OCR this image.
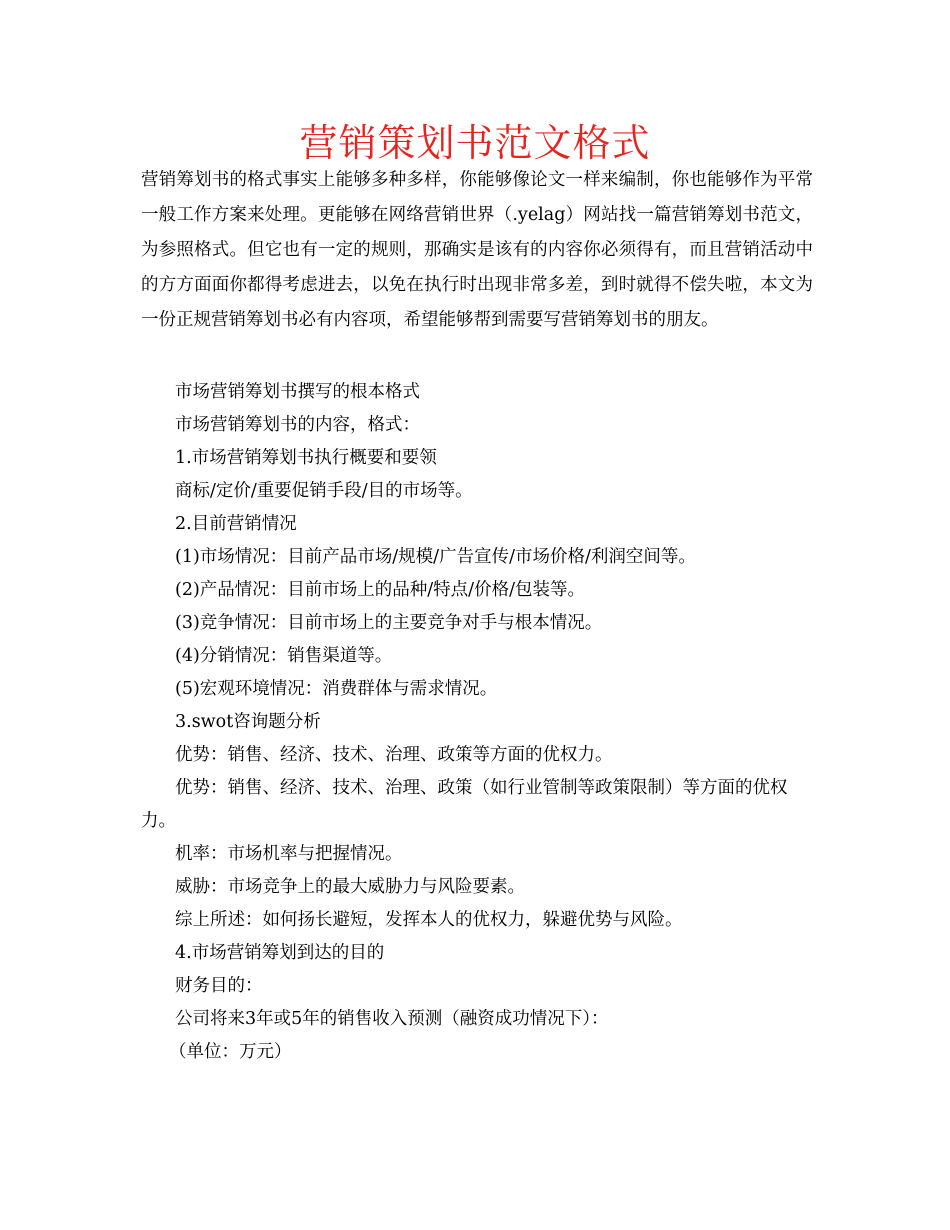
营销策划书范文格式
营销筹划书的格式事实上能够多种多样，你能够像论文一样来编制，你也能够作为平常一般工作方案来处理。更能够在网络营销世界（.yelag）网站找一篇营销筹划书范文，为参照格式。但它也有一定的规则，那确实是该有的内容你必须得有，而且营销活动中的方方面面你都得考虑进去，以免在执行时出现非常多差，到时就得不偿失啦，本文为一份正规营销筹划书必有内容项，希望能够帮到需要写营销筹划书的朋友。

市场营销筹划书撰写的根本格式

市场营销筹划书的内容，格式：

1.市场营销筹划书执行概要和要领

商标/定价/重要促销手段/目的市场等。

2.目前营销情况

(1)市场情况：目前产品市场/规模/广告宣传/市场价格/利润空间等。

(2)产品情况：目前市场上的品种/特点/价格/包装等。

(3)竞争情况：目前市场上的主要竞争对手与根本情况。

(4)分销情况：销售渠道等。

(5)宏观环境情况：消费群体与需求情况。

3.swot咨询题分析

优势：销售、经济、技术、治理、政策等方面的优权力。

优势：销售、经济、技术、治理、政策（如行业管制等政策限制）等方面的优权力。

机率：市场机率与把握情况。

威胁：市场竞争上的最大威胁力与风险要素。

综上所述：如何扬长避短，发挥本人的优权力，躲避优势与风险。

4.市场营销筹划到达的目的

财务目的：

公司将来3年或5年的销售收入预测（融资成功情况下）：

（单位：万元）
